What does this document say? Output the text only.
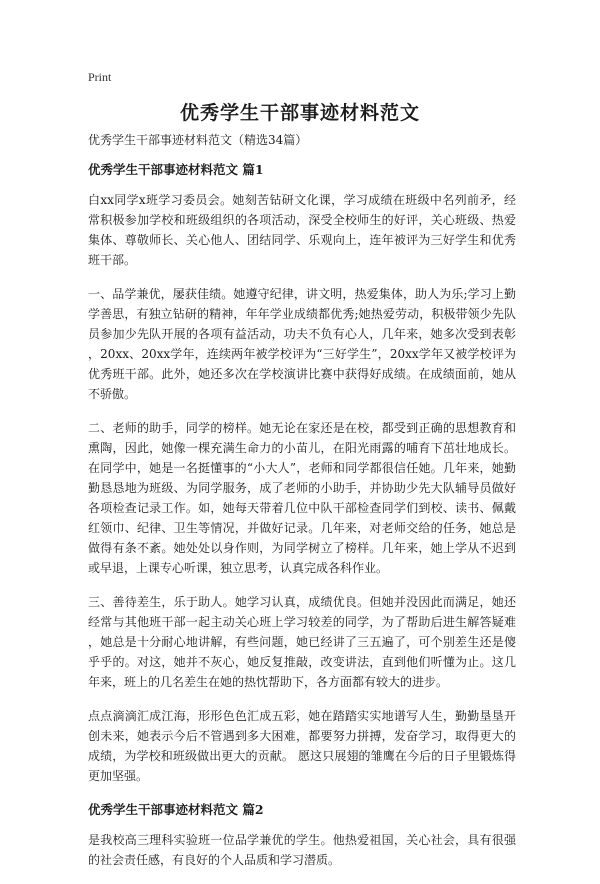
Print
优秀学生干部事迹材料范文

优秀学生干部事迹材料范文（精选34篇）

优秀学生干部事迹材料范文 篇1

白xx同学x班学习委员会。她刻苦钻研文化课，学习成绩在班级中名列前矛，经常积极参加学校和班级组织的各项活动，深受全校师生的好评，关心班级、热爱集体、尊敬师长、关心他人、团结同学、乐观向上，连年被评为三好学生和优秀班干部。

一、品学兼优，屡获佳绩。她遵守纪律，讲文明，热爱集体，助人为乐;学习上勤学善思，有独立钻研的精神，年年学业成绩都优秀;她热爱劳动，积极带领少先队员参加少先队开展的各项有益活动，功夫不负有心人，几年来，她多次受到表彰，20xx、20xx学年，连续两年被学校评为“三好学生”，20xx学年又被学校评为优秀班干部。此外，她还多次在学校演讲比赛中获得好成绩。在成绩面前，她从不骄傲。

二、老师的助手，同学的榜样。她无论在家还是在校，都受到正确的思想教育和熏陶，因此，她像一棵充满生命力的小苗儿，在阳光雨露的哺育下茁壮地成长。在同学中，她是一名挺懂事的“小大人”，老师和同学都很信任她。几年来，她勤勤恳恳地为班级、为同学服务，成了老师的小助手，并协助少先大队辅导员做好各项检查记录工作。如，她每天带着几位中队干部检查同学们到校、读书、佩戴红领巾、纪律、卫生等情况，并做好记录。几年来，对老师交给的任务，她总是做得有条不紊。她处处以身作则，为同学树立了榜样。几年来，她上学从不迟到或早退，上课专心听课，独立思考，认真完成各科作业。

三、善待差生，乐于助人。她学习认真，成绩优良。但她并没因此而满足，她还经常与其他班干部一起主动关心班上学习较差的同学，为了帮助后进生解答疑难，她总是十分耐心地讲解，有些问题，她已经讲了三五遍了，可个别差生还是傻乎乎的。对这，她并不灰心，她反复推敲，改变讲法，直到他们听懂为止。这几年来，班上的几名差生在她的热忱帮助下，各方面都有较大的进步。

点点滴滴汇成江海，形形色色汇成五彩，她在踏踏实实地谱写人生，勤勤垦垦开创未来，她表示今后不管遇到多大困难，都要努力拼搏，发奋学习，取得更大的成绩，为学校和班级做出更大的贡献。 愿这只展翅的雏鹰在今后的日子里锻炼得更加坚强。

优秀学生干部事迹材料范文 篇2

是我校高三理科实验班一位品学兼优的学生。他热爱祖国，关心社会，具有很强的社会责任感，有良好的个人品质和学习潜质。
